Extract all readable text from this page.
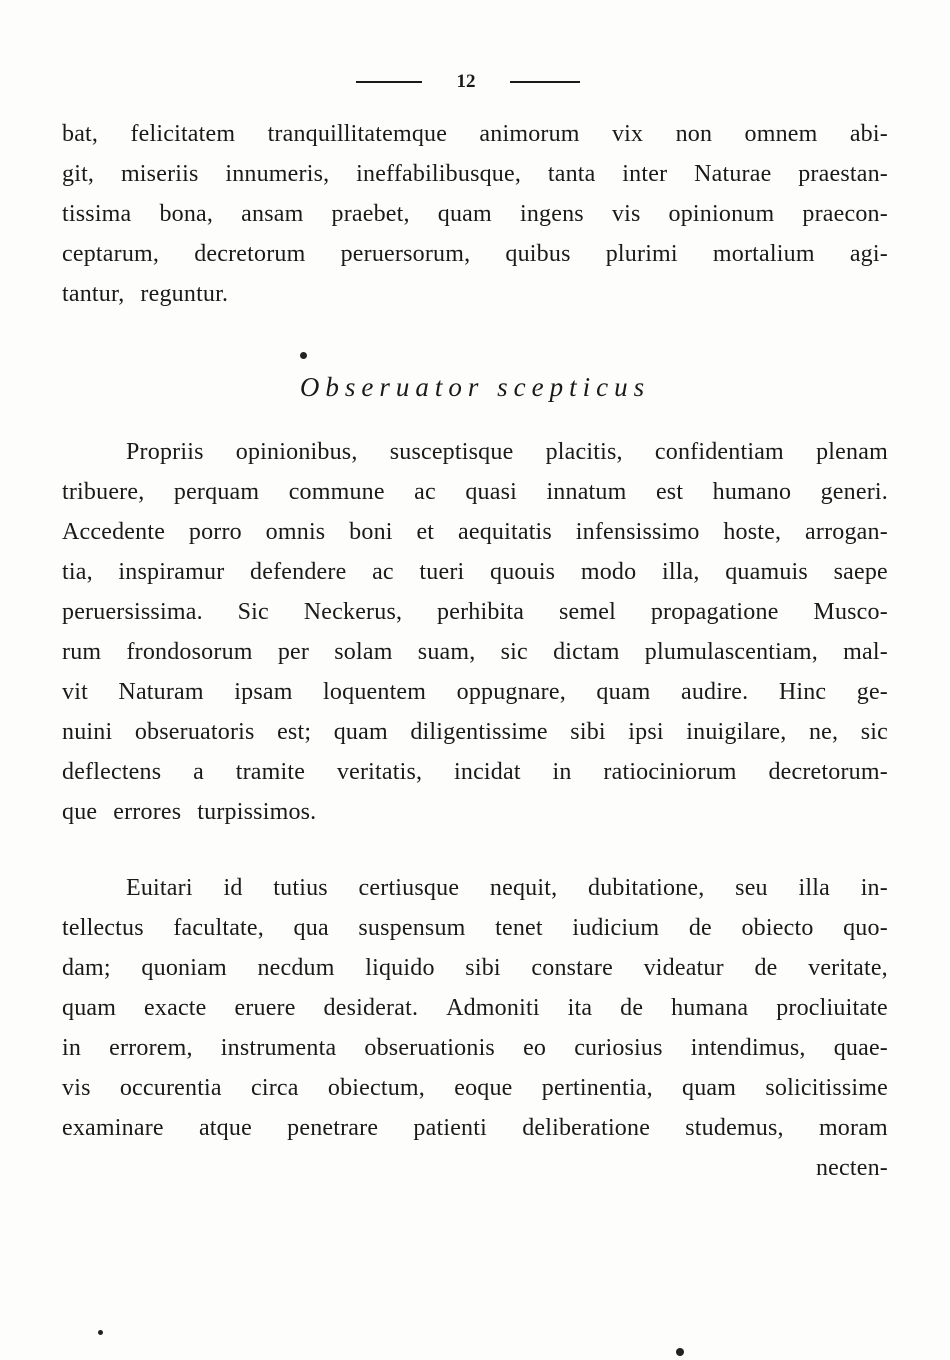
12
bat, felicitatem tranquillitatemque animorum vix non omnem abi-
git, miseriis innumeris, ineffabilibusque, tanta inter Naturae praestan-
tissima bona, ansam praebet, quam ingens vis opinionum praecon-
ceptarum, decretorum peruersorum, quibus plurimi mortalium agi-
tantur, reguntur.
Obseruator scepticus
Propriis opinionibus, susceptisque placitis, confidentiam plenam
tribuere, perquam commune ac quasi innatum est humano generi.
Accedente porro omnis boni et aequitatis infensissimo hoste, arrogan-
tia, inspiramur defendere ac tueri quouis modo illa, quamuis saepe
peruersissima. Sic Neckerus, perhibita semel propagatione Musco-
rum frondosorum per solam suam, sic dictam plumulascentiam, mal-
vit Naturam ipsam loquentem oppugnare, quam audire. Hinc ge-
nuini obseruatoris est; quam diligentissime sibi ipsi inuigilare, ne, sic
deflectens a tramite veritatis, incidat in ratiociniorum decretorum-
que errores turpissimos.
Euitari id tutius certiusque nequit, dubitatione, seu illa in-
tellectus facultate, qua suspensum tenet iudicium de obiecto quo-
dam; quoniam necdum liquido sibi constare videatur de veritate,
quam exacte eruere desiderat. Admoniti ita de humana procliuitate
in errorem, instrumenta obseruationis eo curiosius intendimus, quae-
vis occurentia circa obiectum, eoque pertinentia, quam solicitissime
examinare atque penetrare patienti deliberatione studemus, moram
necten-
